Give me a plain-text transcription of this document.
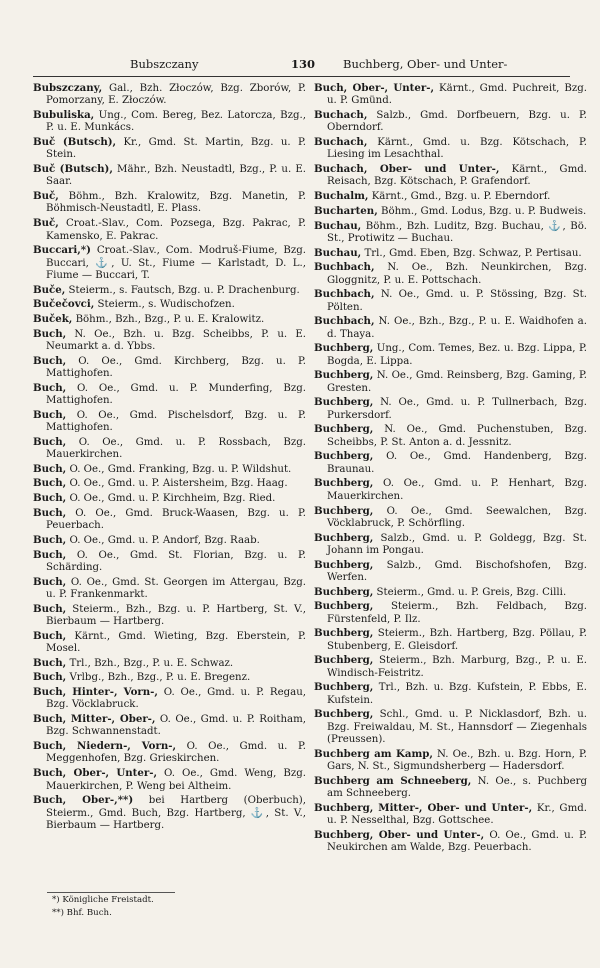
Bubszczany	130 Buchberg, Ober- und Unter-
Bubszczany, Gal., Bzh. Złoczów, Bzg. Zborów, P. Pomorzany, E. Złoczów.
Bubuliska, Ung., Com. Bereg, Bez. Latorcza, Bzg., P. u. E. Munkács.
Buč (Butsch), Kr., Gmd. St. Martin, Bzg. u. P. Stein.
Buč (Butsch), Mähr., Bzh. Neustadtl, Bzg., P. u. E. Saar.
Buč, Böhm., Bzh. Kralowitz, Bzg. Manetin, P. Böhmisch-Neustadtl, E. Plass.
Buč, Croat.-Slav., Com. Pozsega, Bzg. Pakrac, P. Kamensko, E. Pakrac.
Buccari,*) Croat.-Slav., Com. Modruš-Fiume, Bzg. Buccari, ⚓, U. St., Fiume — Karlstadt, D. L., Fiume — Buccari, T.
Buče, Steierm., s. Fautsch, Bzg. u. P. Drachenburg.
Bučečovci, Steierm., s. Wudischofzen.
Buček, Böhm., Bzh., Bzg., P. u. E. Kralowitz.
Buch, N. Oe., Bzh. u. Bzg. Scheibbs, P. u. E. Neumarkt a. d. Ybbs.
Buch, O. Oe., Gmd. Kirchberg, Bzg. u. P. Mattighofen.
Buch, O. Oe., Gmd. u. P. Munderfing, Bzg. Mattighofen.
Buch, O. Oe., Gmd. Pischelsdorf, Bzg. u. P. Mattighofen.
Buch, O. Oe., Gmd. u. P. Rossbach, Bzg. Mauerkirchen.
Buch, O. Oe., Gmd. Franking, Bzg. u. P. Wildshut.
Buch, O. Oe., Gmd. u. P. Aistersheim, Bzg. Haag.
Buch, O. Oe., Gmd. u. P. Kirchheim, Bzg. Ried.
Buch, O. Oe., Gmd. Bruck-Waasen, Bzg. u. P. Peuerbach.
Buch, O. Oe., Gmd. u. P. Andorf, Bzg. Raab.
Buch, O. Oe., Gmd. St. Florian, Bzg. u. P. Schärding.
Buch, O. Oe., Gmd. St. Georgen im Attergau, Bzg. u. P. Frankenmarkt.
Buch, Steierm., Bzh., Bzg. u. P. Hartberg, St. V., Bierbaum — Hartberg.
Buch, Kärnt., Gmd. Wieting, Bzg. Eberstein, P. Mosel.
Buch, Trl., Bzh., Bzg., P. u. E. Schwaz.
Buch, Vrlbg., Bzh., Bzg., P. u. E. Bregenz.
Buch, Hinter-, Vorn-, O. Oe., Gmd. u. P. Regau, Bzg. Vöcklabruck.
Buch, Mitter-, Ober-, O. Oe., Gmd. u. P. Roitham, Bzg. Schwannenstadt.
Buch, Niedern-, Vorn-, O. Oe., Gmd. u. P. Meggenhofen, Bzg. Grieskirchen.
Buch, Ober-, Unter-, O. Oe., Gmd. Weng, Bzg. Mauerkirchen, P. Weng bei Altheim.
Buch, Ober-,**) bei Hartberg (Oberbuch), Steierm., Gmd. Buch, Bzg. Hartberg, ⚓, St. V., Bierbaum — Hartberg.
Buch, Ober-, Unter-, Kärnt., Gmd. Puchreit, Bzg. u. P. Gmünd.
Buchach, Salzb., Gmd. Dorfbeuern, Bzg. u. P. Oberndorf.
Buchach, Kärnt., Gmd. u. Bzg. Kötschach, P. Liesing im Lesachthal.
Buchach, Ober- und Unter-, Kärnt., Gmd. Reisach, Bzg. Kötschach, P. Grafendorf.
Buchalm, Kärnt., Gmd., Bzg. u. P. Eberndorf.
Bucharten, Böhm., Gmd. Lodus, Bzg. u. P. Budweis.
Buchau, Böhm., Bzh. Luditz, Bzg. Buchau, ⚓, Bö. St., Protiwitz — Buchau.
Buchau, Trl., Gmd. Eben, Bzg. Schwaz, P. Pertisau.
Buchbach, N. Oe., Bzh. Neunkirchen, Bzg. Gloggnitz, P. u. E. Pottschach.
Buchbach, N. Oe., Gmd. u. P. Stössing, Bzg. St. Pölten.
Buchbach, N. Oe., Bzh., Bzg., P. u. E. Waidhofen a. d. Thaya.
Buchberg, Ung., Com. Temes, Bez. u. Bzg. Lippa, P. Bogda, E. Lippa.
Buchberg, N. Oe., Gmd. Reinsberg, Bzg. Gaming, P. Gresten.
Buchberg, N. Oe., Gmd. u. P. Tullnerbach, Bzg. Purkersdorf.
Buchberg, N. Oe., Gmd. Puchenstuben, Bzg. Scheibbs, P. St. Anton a. d. Jessnitz.
Buchberg, O. Oe., Gmd. Handenberg, Bzg. Braunau.
Buchberg, O. Oe., Gmd. u. P. Henhart, Bzg. Mauerkirchen.
Buchberg, O. Oe., Gmd. Seewalchen, Bzg. Vöcklabruck, P. Schörfling.
Buchberg, Salzb., Gmd. u. P. Goldegg, Bzg. St. Johann im Pongau.
Buchberg, Salzb., Gmd. Bischofshofen, Bzg. Werfen.
Buchberg, Steierm., Gmd. u. P. Greis, Bzg. Cilli.
Buchberg, Steierm., Bzh. Feldbach, Bzg. Fürstenfeld, P. Ilz.
Buchberg, Steierm., Bzh. Hartberg, Bzg. Pöllau, P. Stubenberg, E. Gleisdorf.
Buchberg, Steierm., Bzh. Marburg, Bzg., P. u. E. Windisch-Feistritz.
Buchberg, Trl., Bzh. u. Bzg. Kufstein, P. Ebbs, E. Kufstein.
Buchberg, Schl., Gmd. u. P. Nicklasdorf, Bzh. u. Bzg. Freiwaldau, M. St., Hannsdorf — Ziegenhals (Preussen).
Buchberg am Kamp, N. Oe., Bzh. u. Bzg. Horn, P. Gars, N. St., Sigmundsherberg — Hadersdorf.
Buchberg am Schneeberg, N. Oe., s. Puchberg am Schneeberg.
Buchberg, Mitter-, Ober- und Unter-, Kr., Gmd. u. P. Nesselthal, Bzg. Gottschee.
Buchberg, Ober- und Unter-, O. Oe., Gmd. u. P. Neukirchen am Walde, Bzg. Peuerbach.
*) Königliche Freistadt.
**) Bhf. Buch.
